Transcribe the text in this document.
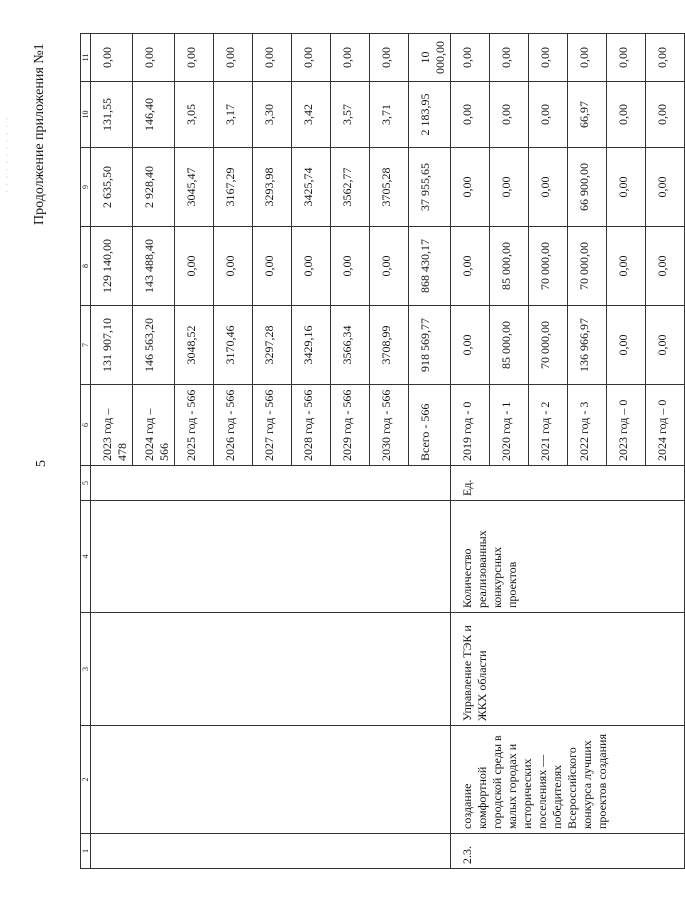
· · · · · · · · · · ·
5
Продолжение приложения №1
1	2	3	4	5	6	7	8	9	10	11
					2023 год – 478	131 907,10	129 140,00	2 635,50	131,55	0,00
					2024 год – 566	146 563,20	143 488,40	2 928,40	146,40	0,00
					2025 год - 566	3048,52	0,00	3045,47	3,05	0,00
					2026 год - 566	3170,46	0,00	3167,29	3,17	0,00
					2027 год - 566	3297,28	0,00	3293,98	3,30	0,00
					2028 год - 566	3429,16	0,00	3425,74	3,42	0,00
					2029 год - 566	3566,34	0,00	3562,77	3,57	0,00
					2030 год - 566	3708,99	0,00	3705,28	3,71	0,00
					Всего - 566	918 569,77	868 430,17	37 955,65	2 183,95	10 000,00
2.3.	создание комфортной городской среды в малых городах и исторических поселениях — победителях Всероссийского конкурса лучших проектов создания	Управление ТЭК и ЖКХ области	Количество реализованных конкурсных проектов	Ед.	2019 год - 0	0,00	0,00	0,00	0,00	0,00
					2020 год - 1	85 000,00	85 000,00	0,00	0,00	0,00
					2021 год - 2	70 000,00	70 000,00	0,00	0,00	0,00
					2022 год - 3	136 966,97	70 000,00	66 900,00	66,97	0,00
					2023 год – 0	0,00	0,00	0,00	0,00	0,00
					2024 год – 0	0,00	0,00	0,00	0,00	0,00
